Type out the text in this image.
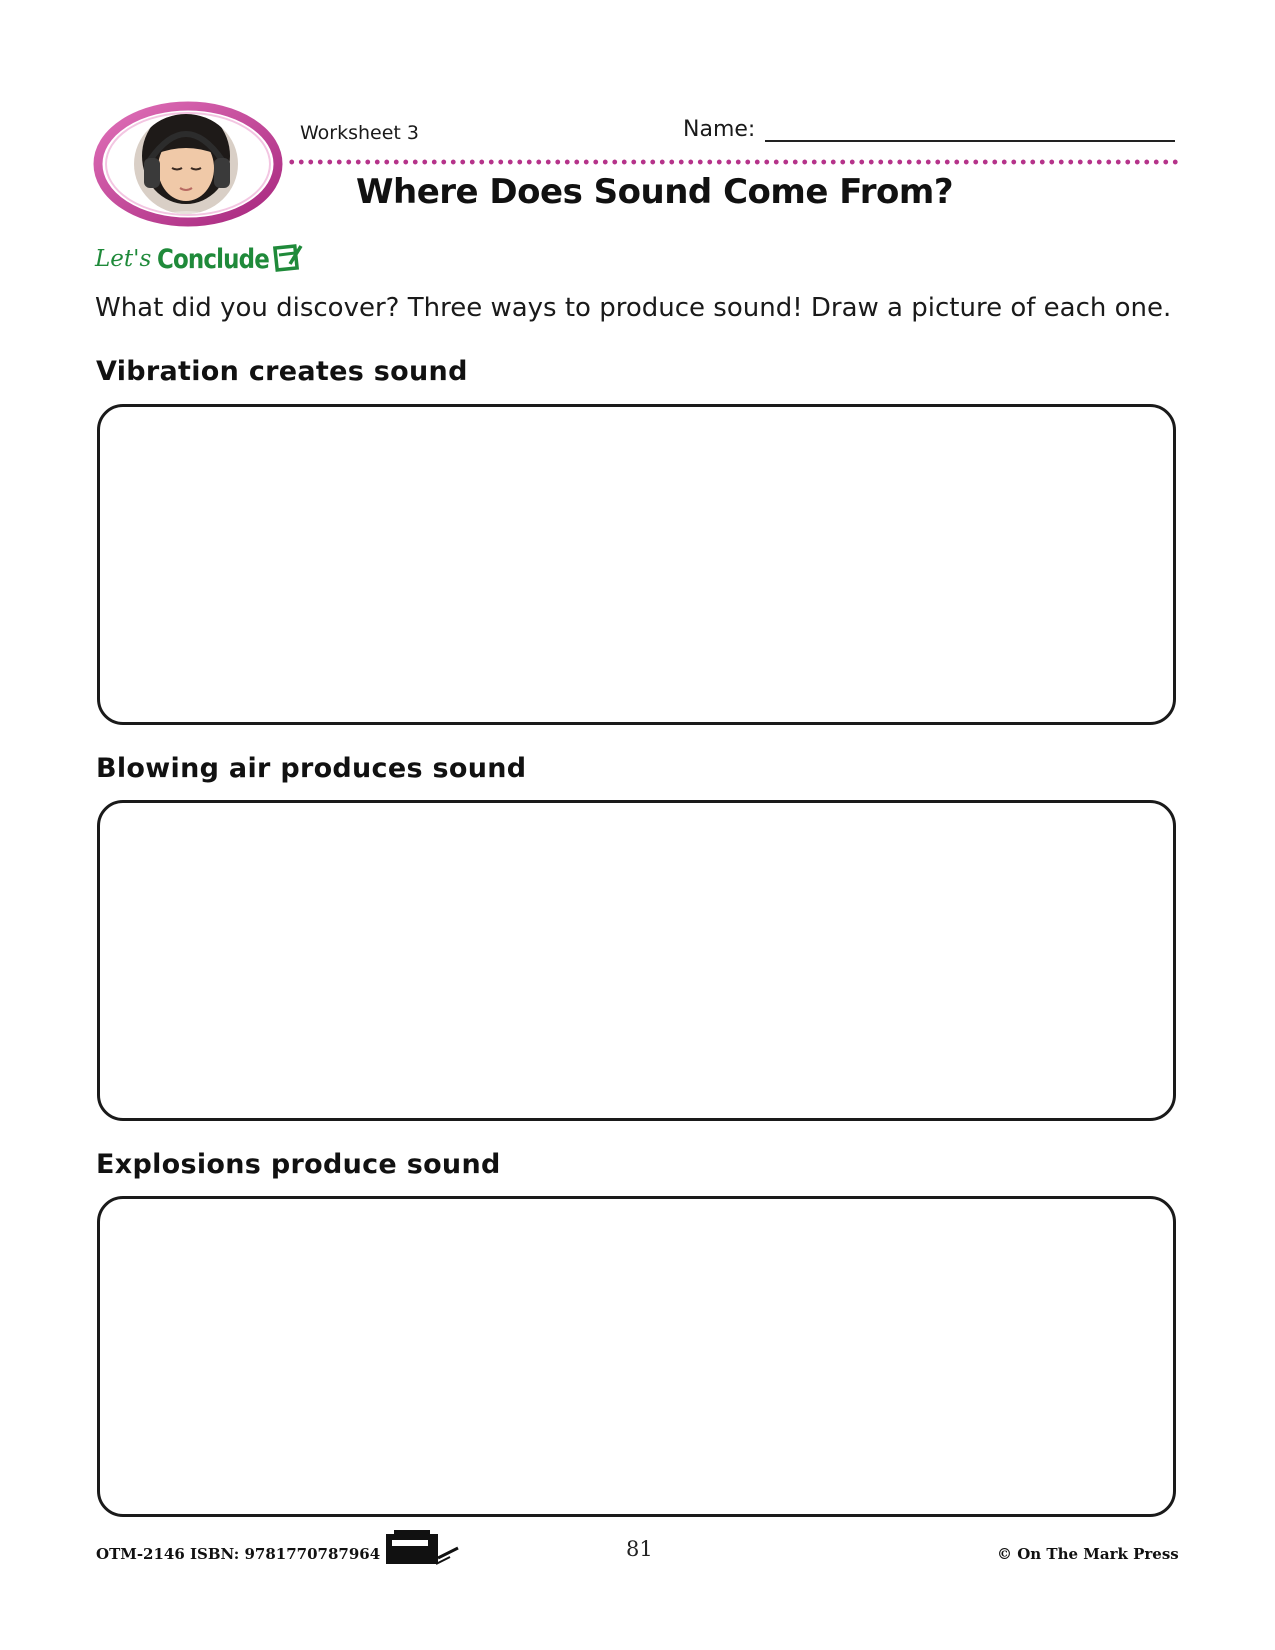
Worksheet 3	Name:
Where Does Sound Come From?
Let's Conclude
What did you discover? Three ways to produce sound! Draw a picture of each one.
Vibration creates sound
Blowing air produces sound
Explosions produce sound
OTM-2146 ISBN: 9781770787964	81	© On The Mark Press
